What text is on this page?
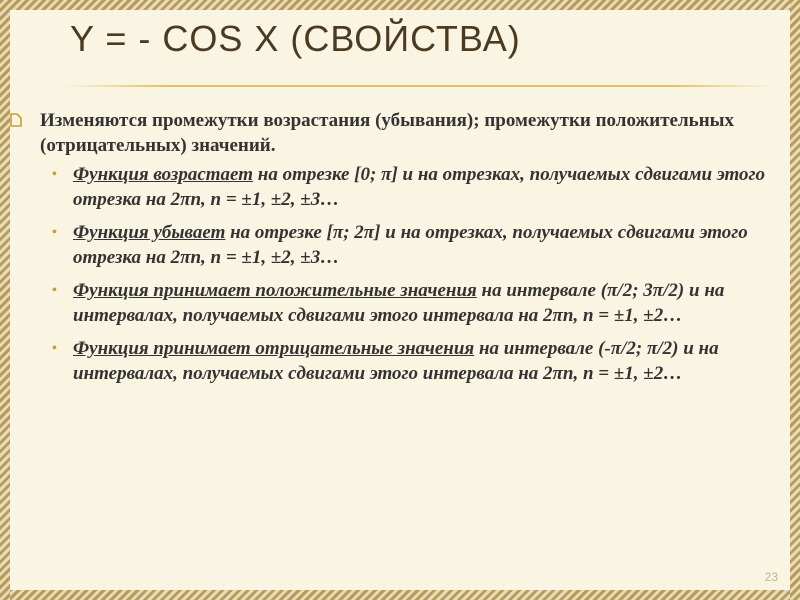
Y = - COS X (СВОЙСТВА)
Изменяются промежутки возрастания (убывания); промежутки положительных (отрицательных) значений.
• Функция возрастает на отрезке [0; π] и на отрезках, получаемых сдвигами этого отрезка на 2πn, n = ±1, ±2, ±3…
• Функция убывает на отрезке [π; 2π] и на отрезках, получаемых сдвигами этого отрезка на 2πn, n = ±1, ±2, ±3…
• Функция принимает положительные значения на интервале (π/2; 3π/2) и на интервалах, получаемых сдвигами этого интервала на 2πn, n = ±1, ±2…
• Функция принимает отрицательные значения на интервале (-π/2; π/2) и на интервалах, получаемых сдвигами этого интервала на 2πn, n = ±1, ±2…
23
